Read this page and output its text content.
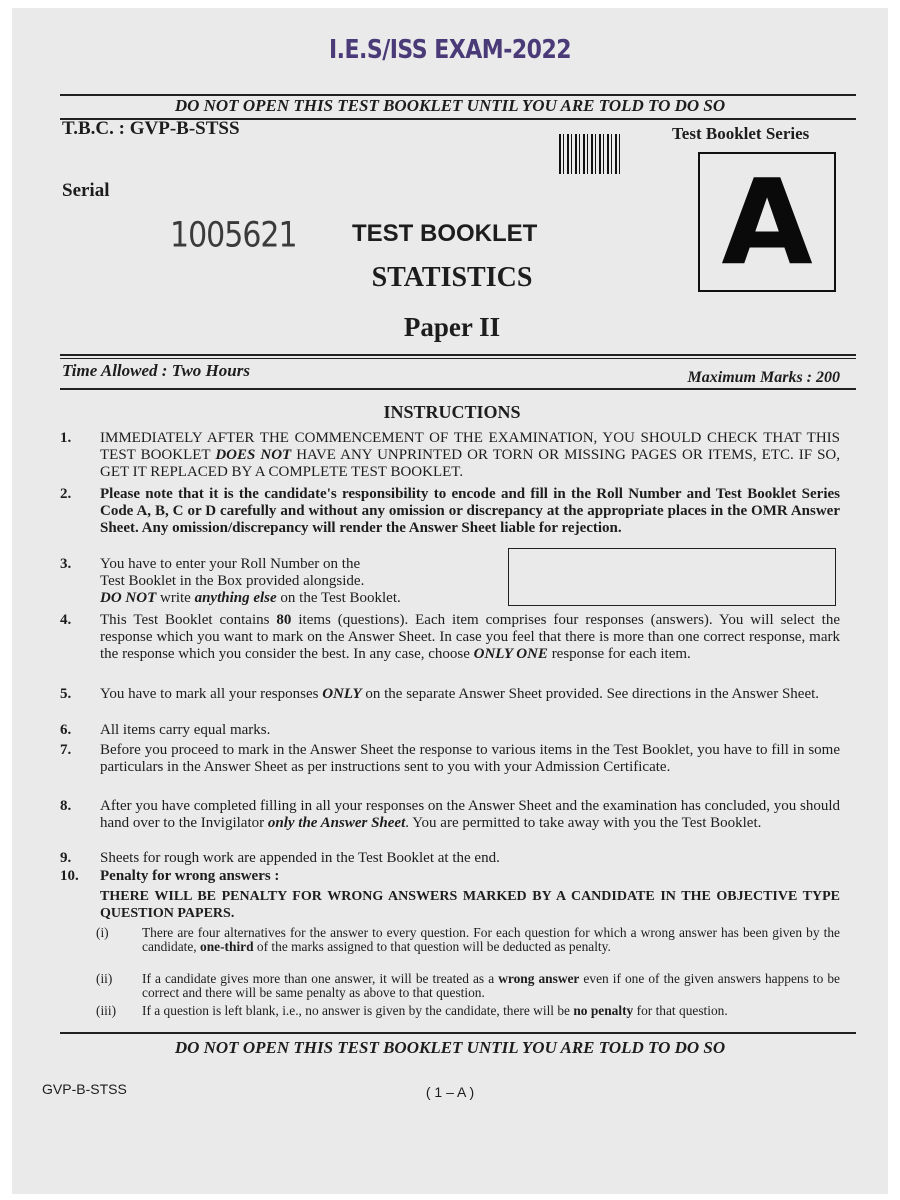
I.E.S/ISS EXAM-2022
DO NOT OPEN THIS TEST BOOKLET UNTIL YOU ARE TOLD TO DO SO
T.B.C. : GVP-B-STSS	Test Booklet Series
A
Serial
1005621 TEST BOOKLET
STATISTICS
Paper II
Time Allowed : Two Hours	Maximum Marks : 200
INSTRUCTIONS
1. IMMEDIATELY AFTER THE COMMENCEMENT OF THE EXAMINATION, YOU SHOULD CHECK THAT THIS TEST BOOKLET DOES NOT HAVE ANY UNPRINTED OR TORN OR MISSING PAGES OR ITEMS, ETC. IF SO, GET IT REPLACED BY A COMPLETE TEST BOOKLET.
2. Please note that it is the candidate's responsibility to encode and fill in the Roll Number and Test Booklet Series Code A, B, C or D carefully and without any omission or discrepancy at the appropriate places in the OMR Answer Sheet. Any omission/discrepancy will render the Answer Sheet liable for rejection.
3. You have to enter your Roll Number on the
Test Booklet in the Box provided alongside.
DO NOT write anything else on the Test Booklet.
4. This Test Booklet contains 80 items (questions). Each item comprises four responses (answers). You will select the response which you want to mark on the Answer Sheet. In case you feel that there is more than one correct response, mark the response which you consider the best. In any case, choose ONLY ONE response for each item.
5. You have to mark all your responses ONLY on the separate Answer Sheet provided. See directions in the Answer Sheet.
6. All items carry equal marks.
7. Before you proceed to mark in the Answer Sheet the response to various items in the Test Booklet, you have to fill in some particulars in the Answer Sheet as per instructions sent to you with your Admission Certificate.
8. After you have completed filling in all your responses on the Answer Sheet and the examination has concluded, you should hand over to the Invigilator only the Answer Sheet. You are permitted to take away with you the Test Booklet.
9. Sheets for rough work are appended in the Test Booklet at the end.
10. Penalty for wrong answers :
THERE WILL BE PENALTY FOR WRONG ANSWERS MARKED BY A CANDIDATE IN THE OBJECTIVE TYPE QUESTION PAPERS.
(i) There are four alternatives for the answer to every question. For each question for which a wrong answer has been given by the candidate, one-third of the marks assigned to that question will be deducted as penalty.
(ii) If a candidate gives more than one answer, it will be treated as a wrong answer even if one of the given answers happens to be correct and there will be same penalty as above to that question.
(iii) If a question is left blank, i.e., no answer is given by the candidate, there will be no penalty for that question.
DO NOT OPEN THIS TEST BOOKLET UNTIL YOU ARE TOLD TO DO SO
GVP-B-STSS	( 1 – A )
